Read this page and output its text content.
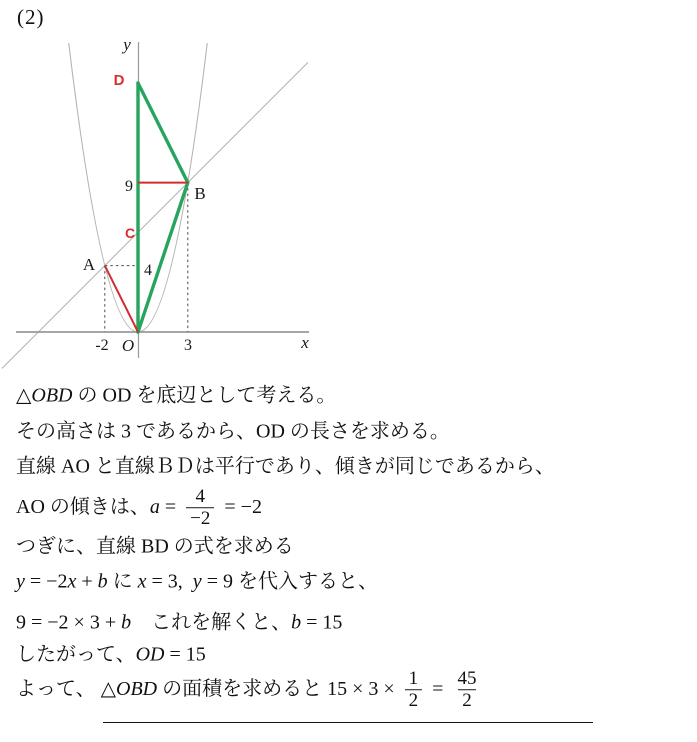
(2)
y
x
O
D
C
A
B
9
4
-2	3
△ OBD の OD を底辺として考える。
その高さは 3 であるから、OD の長さを求める。
直線 AO と直線ＢＤは平行であり、傾きが同じであるから、
AO の傾きは、 $a = \frac{4}{-2} = -2$
つぎに、直線 BD の式を求める
y = −2 x + b に x = 3, y = 9 を代入すると、
9 = −2 × 3 + b 　これを解くと、 b = 15
したがって、 OD = 15
よって、 △ OBD の面積を求めると $15 \times 3 \times \frac{1}{2} = \frac{45}{2}$
